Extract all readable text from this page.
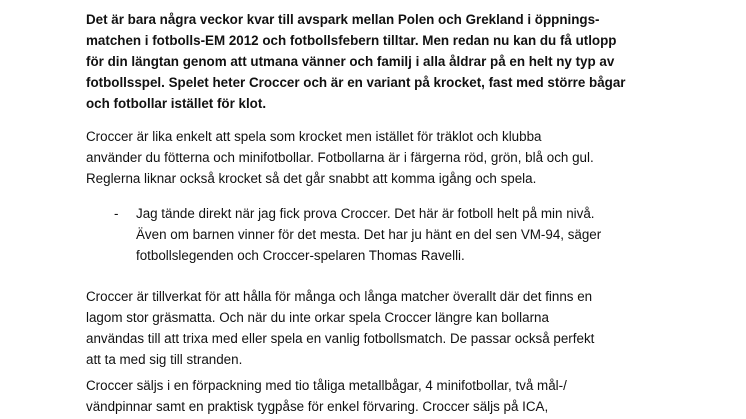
Det är bara några veckor kvar till avspark mellan Polen och Grekland i öppnings-
matchen i fotbolls-EM 2012 och fotbollsfebern tilltar. Men redan nu kan du få utlopp
för din längtan genom att utmana vänner och familj i alla åldrar på en helt ny typ av
fotbollsspel. Spelet heter Croccer och är en variant på krocket, fast med större bågar
och fotbollar istället för klot.

Croccer är lika enkelt att spela som krocket men istället för träklot och klubba
använder du fötterna och minifotbollar. Fotbollarna är i färgerna röd, grön, blå och gul.
Reglerna liknar också krocket så det går snabbt att komma igång och spela.

- Jag tände direkt när jag fick prova Croccer. Det här är fotboll helt på min nivå.
Även om barnen vinner för det mesta. Det har ju hänt en del sen VM-94, säger
fotbollslegenden och Croccer-spelaren Thomas Ravelli.

Croccer är tillverkat för att hålla för många och långa matcher överallt där det finns en
lagom stor gräsmatta. Och när du inte orkar spela Croccer längre kan bollarna
användas till att trixa med eller spela en vanlig fotbollsmatch. De passar också perfekt
att ta med sig till stranden.

Croccer säljs i en förpackning med tio tåliga metallbågar, 4 minifotbollar, två mål-/
vändpinnar samt en praktisk tygpåse för enkel förvaring. Croccer säljs på ICA,
